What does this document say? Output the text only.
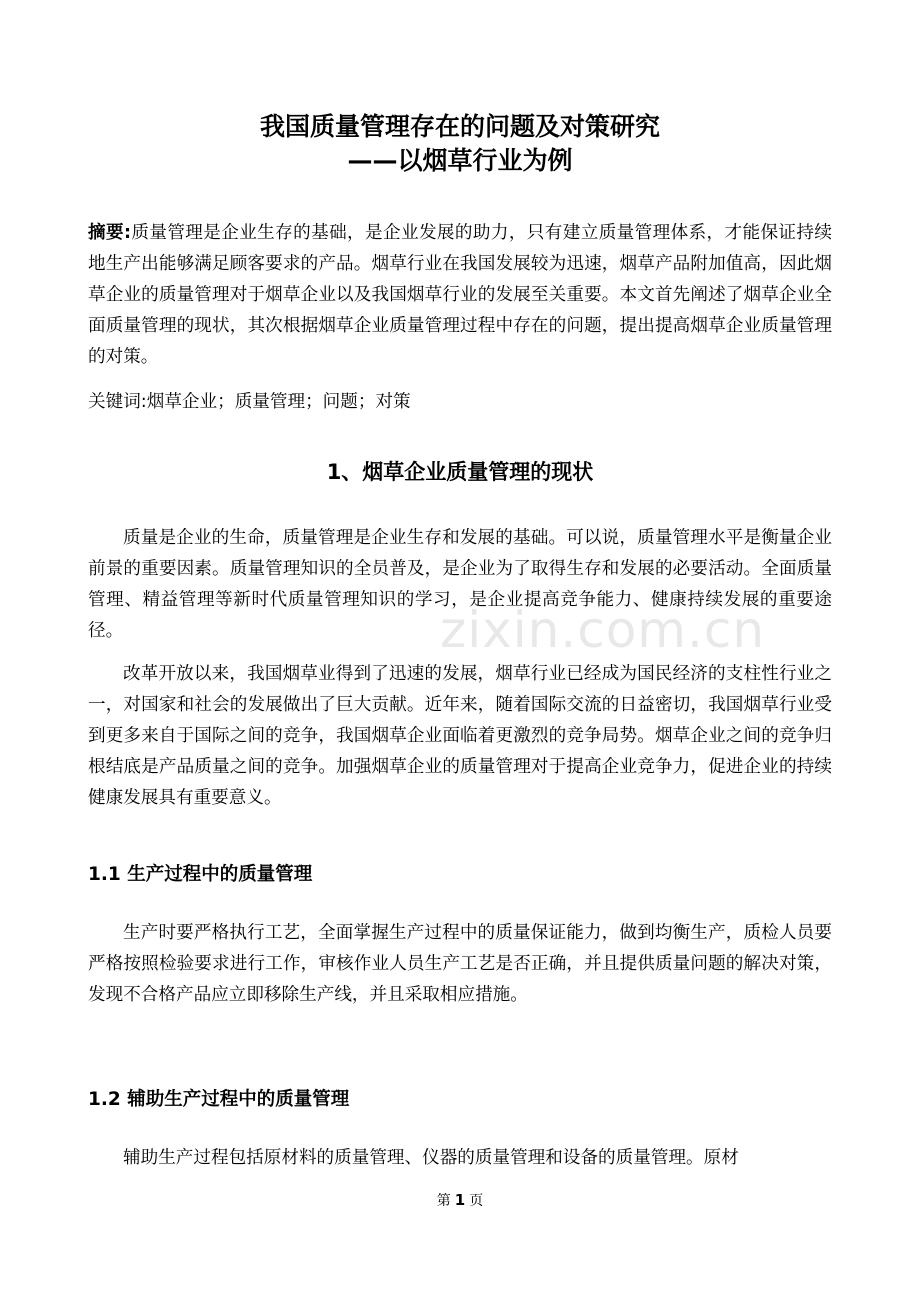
我国质量管理存在的问题及对策研究
——以烟草行业为例

摘要:质量管理是企业生存的基础，是企业发展的助力，只有建立质量管理体系，才能保证持续地生产出能够满足顾客要求的产品。烟草行业在我国发展较为迅速，烟草产品附加值高，因此烟草企业的质量管理对于烟草企业以及我国烟草行业的发展至关重要。本文首先阐述了烟草企业全面质量管理的现状，其次根据烟草企业质量管理过程中存在的问题，提出提高烟草企业质量管理的对策。

关键词:烟草企业；质量管理；问题；对策

1、烟草企业质量管理的现状

质量是企业的生命，质量管理是企业生存和发展的基础。可以说，质量管理水平是衡量企业前景的重要因素。质量管理知识的全员普及，是企业为了取得生存和发展的必要活动。全面质量管理、精益管理等新时代质量管理知识的学习，是企业提高竞争能力、健康持续发展的重要途径。	zixin.com.cn

改革开放以来，我国烟草业得到了迅速的发展，烟草行业已经成为国民经济的支柱性行业之一，对国家和社会的发展做出了巨大贡献。近年来，随着国际交流的日益密切，我国烟草行业受到更多来自于国际之间的竞争，我国烟草企业面临着更激烈的竞争局势。烟草企业之间的竞争归根结底是产品质量之间的竞争。加强烟草企业的质量管理对于提高企业竞争力，促进企业的持续健康发展具有重要意义。

1.1 生产过程中的质量管理

生产时要严格执行工艺，全面掌握生产过程中的质量保证能力，做到均衡生产，质检人员要严格按照检验要求进行工作，审核作业人员生产工艺是否正确，并且提供质量问题的解决对策，发现不合格产品应立即移除生产线，并且采取相应措施。

1.2 辅助生产过程中的质量管理

辅助生产过程包括原材料的质量管理、仪器的质量管理和设备的质量管理。原材

第 1 页
